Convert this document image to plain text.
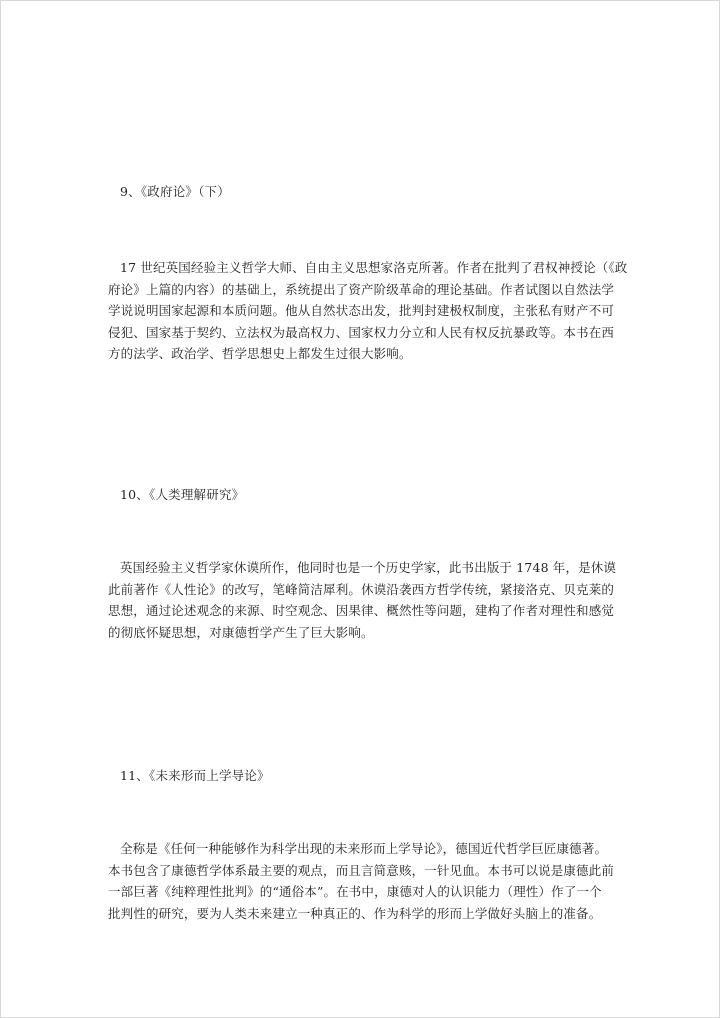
9、《政府论》（下）
17 世纪英国经验主义哲学大师、自由主义思想家洛克所著。作者在批判了君权神授论（《政
府论》上篇的内容）的基础上，系统提出了资产阶级革命的理论基础。作者试图以自然法学
学说说明国家起源和本质问题。他从自然状态出发，批判封建极权制度，主张私有财产不可
侵犯、国家基于契约、立法权为最高权力、国家权力分立和人民有权反抗暴政等。本书在西
方的法学、政治学、哲学思想史上都发生过很大影响。
10、《人类理解研究》
英国经验主义哲学家休谟所作，他同时也是一个历史学家，此书出版于 1748 年，是休谟
此前著作《人性论》的改写，笔峰简洁犀利。休谟沿袭西方哲学传统，紧接洛克、贝克莱的
思想，通过论述观念的来源、时空观念、因果律、概然性等问题，建构了作者对理性和感觉
的彻底怀疑思想，对康德哲学产生了巨大影响。
11、《未来形而上学导论》
全称是《任何一种能够作为科学出现的未来形而上学导论》，德国近代哲学巨匠康德著。
本书包含了康德哲学体系最主要的观点，而且言简意赅，一针见血。本书可以说是康德此前
一部巨著《纯粹理性批判》的“通俗本”。在书中，康德对人的认识能力（理性）作了一个
批判性的研究，要为人类未来建立一种真正的、作为科学的形而上学做好头脑上的准备。
